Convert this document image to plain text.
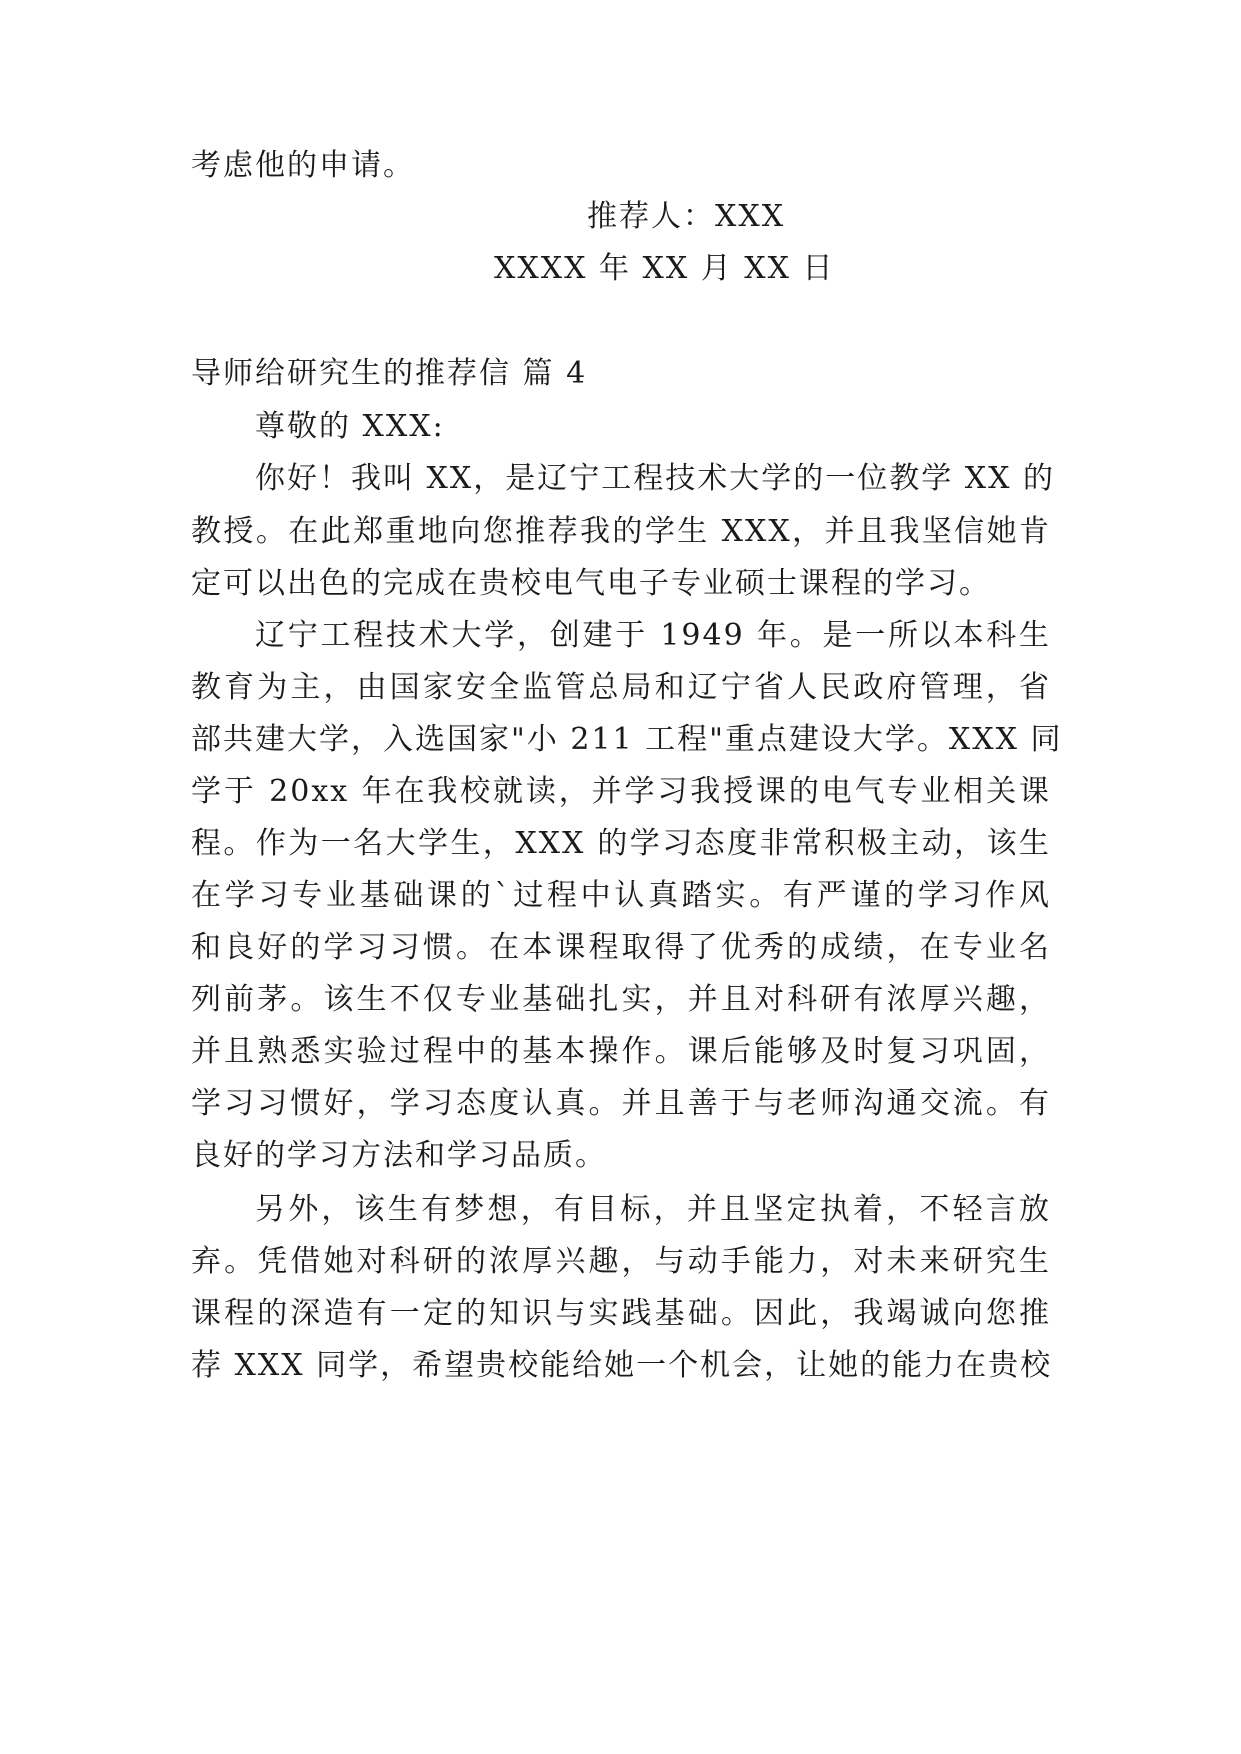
考虑他的申请。
推荐人：XXX
XXXX 年 XX 月 XX 日
导师给研究生的推荐信 篇 4
尊敬的 XXX:
你好！我叫 XX，是辽宁工程技术大学的一位教学 XX 的
教授。在此郑重地向您推荐我的学生 XXX，并且我坚信她肯
定可以出色的完成在贵校电气电子专业硕士课程的学习。
辽宁工程技术大学，创建于 1949 年。是一所以本科生
教育为主，由国家安全监管总局和辽宁省人民政府管理，省
部共建大学，入选国家"小 211 工程"重点建设大学。XXX 同
学于 20xx 年在我校就读，并学习我授课的电气专业相关课
程。作为一名大学生，XXX 的学习态度非常积极主动，该生
在学习专业基础课的`过程中认真踏实。有严谨的学习作风
和良好的学习习惯。在本课程取得了优秀的成绩，在专业名
列前茅。该生不仅专业基础扎实，并且对科研有浓厚兴趣，
并且熟悉实验过程中的基本操作。课后能够及时复习巩固，
学习习惯好，学习态度认真。并且善于与老师沟通交流。有
良好的学习方法和学习品质。
另外，该生有梦想，有目标，并且坚定执着，不轻言放
弃。凭借她对科研的浓厚兴趣，与动手能力，对未来研究生
课程的深造有一定的知识与实践基础。因此，我竭诚向您推
荐 XXX 同学，希望贵校能给她一个机会，让她的能力在贵校
